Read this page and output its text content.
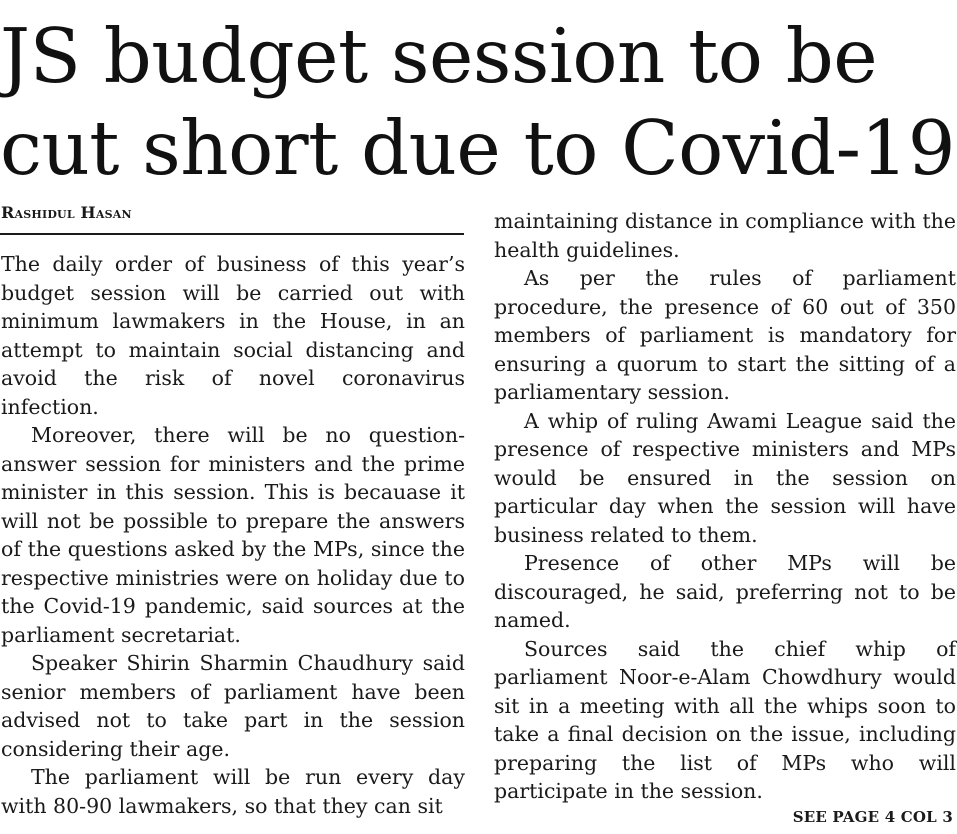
JS budget session to be
cut short due to Covid-19
Rashidul Hasan

The daily order of business of this year’s budget session will be carried out with minimum lawmakers in the House, in an attempt to maintain social distancing and avoid the risk of novel coronavirus infection.

Moreover, there will be no question-answer session for ministers and the prime minister in this session. This is becauase it will not be possible to prepare the answers of the questions asked by the MPs, since the respective ministries were on holiday due to the Covid-19 pandemic, said sources at the parliament secretariat.

Speaker Shirin Sharmin Chaudhury said senior members of parliament have been advised not to take part in the session considering their age.

The parliament will be run every day with 80-90 lawmakers, so that they can sit

maintaining distance in compliance with the health guidelines.

As per the rules of parliament procedure, the presence of 60 out of 350 members of parliament is mandatory for ensuring a quorum to start the sitting of a parliamentary session.

A whip of ruling Awami League said the presence of respective ministers and MPs would be ensured in the session on particular day when the session will have business related to them.

Presence of other MPs will be discouraged, he said, preferring not to be named.

Sources said the chief whip of parliament Noor-e-Alam Chowdhury would sit in a meeting with all the whips soon to take a final decision on the issue, including preparing the list of MPs who will participate in the session.

SEE PAGE 4 COL 3
